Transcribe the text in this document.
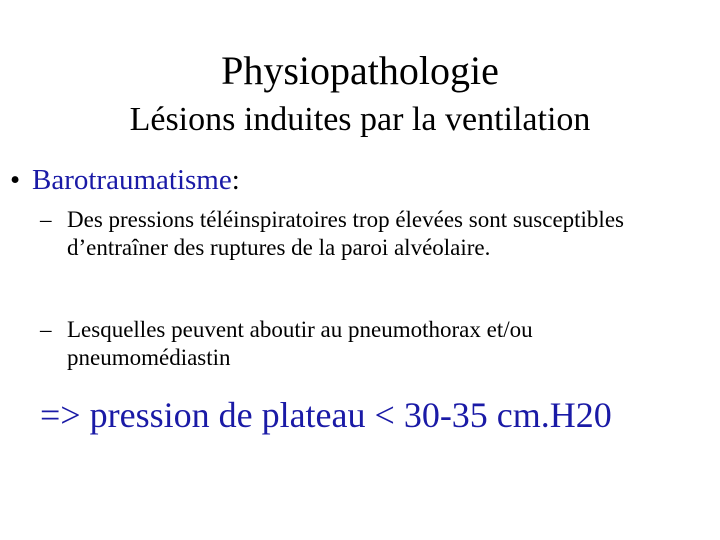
Physiopathologie
Lésions induites par la ventilation
• Barotraumatisme:
– Des pressions téléinspiratoires trop élevées sont susceptibles d’entraîner des ruptures de la paroi alvéolaire.
– Lesquelles peuvent aboutir au pneumothorax et/ou pneumomédiastin
=> pression de plateau < 30-35 cm.H20
